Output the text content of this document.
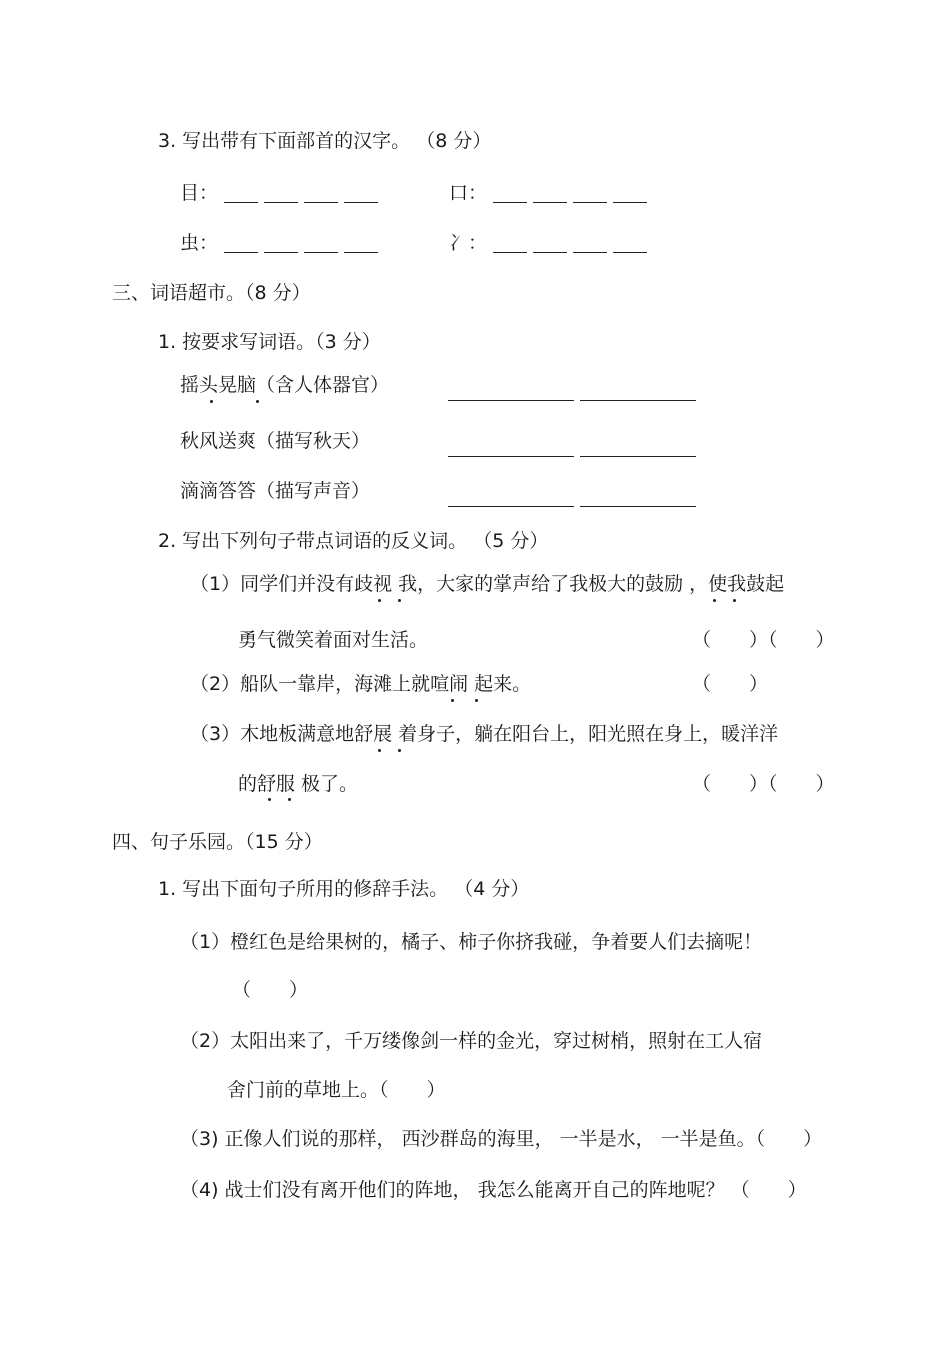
3. 写出带有下面部首的汉字。 （8 分）
目：	口：
虫：	冫：
三、词语超市。（8 分）
1. 按要求写词语。（3 分）
摇头晃脑（含人体器官）
秋风送爽（描写秋天）
滴滴答答（描写声音）
2. 写出下列句子带点词语的反义词。 （5 分）
（1）同学们并没有歧视 我，大家的掌声给了我极大的鼓励 ，使我鼓起
勇气微笑着面对生活。	（　　）（　　）
（2）船队一靠岸，海滩上就喧闹 起来。	（　　）
（3）木地板满意地舒展 着身子，躺在阳台上，阳光照在身上，暖洋洋
的舒服 极了。	（　　）（　　）
四、句子乐园。（15 分）
1. 写出下面句子所用的修辞手法。 （4 分）
（1）橙红色是给果树的，橘子、柿子你挤我碰，争着要人们去摘呢！
（　　）
（2）太阳出来了，千万缕像剑一样的金光，穿过树梢，照射在工人宿
舍门前的草地上。（　　）
（3) 正像人们说的那样， 西沙群岛的海里， 一半是水， 一半是鱼。（　　）
（4) 战士们没有离开他们的阵地， 我怎么能离开自己的阵地呢？ （　　）
